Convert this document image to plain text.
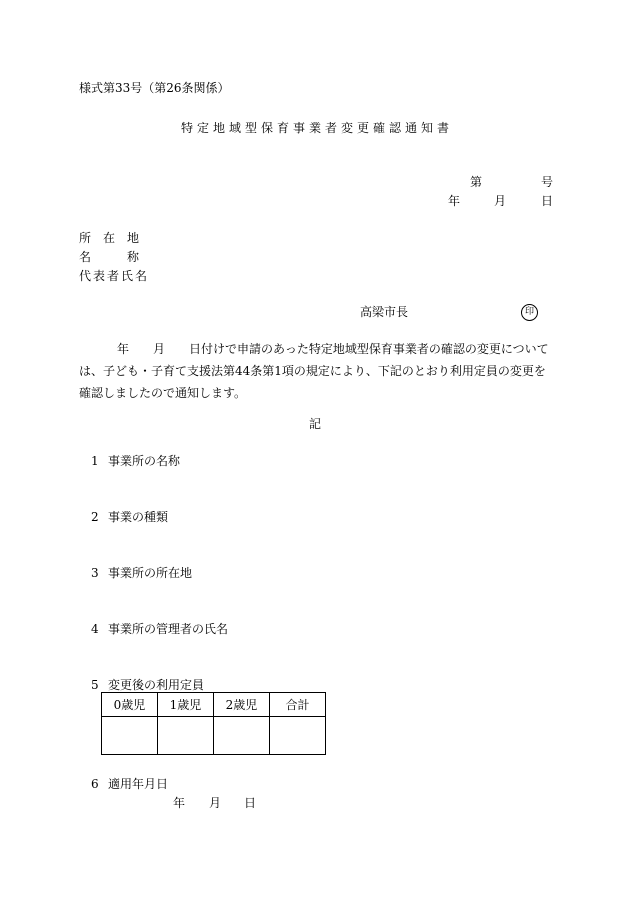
様式第33号（第26条関係）
特定地域型保育事業者変更確認通知書
第	号
年	月	日
所　在　地
名　　　称
代表者氏名
高梁市長	印
年　　月　　日付けで申請のあった特定地域型保育事業者の確認の変更については、子ども・子育て支援法第44条第1項の規定により、下記のとおり利用定員の変更を確認しましたので通知します。
記
1 事業所の名称
2 事業の種類
3 事業所の所在地
4 事業所の管理者の氏名
5 変更後の利用定員
0歳児	1歳児	2歳児	合計

6 適用年月日
年 月 日
